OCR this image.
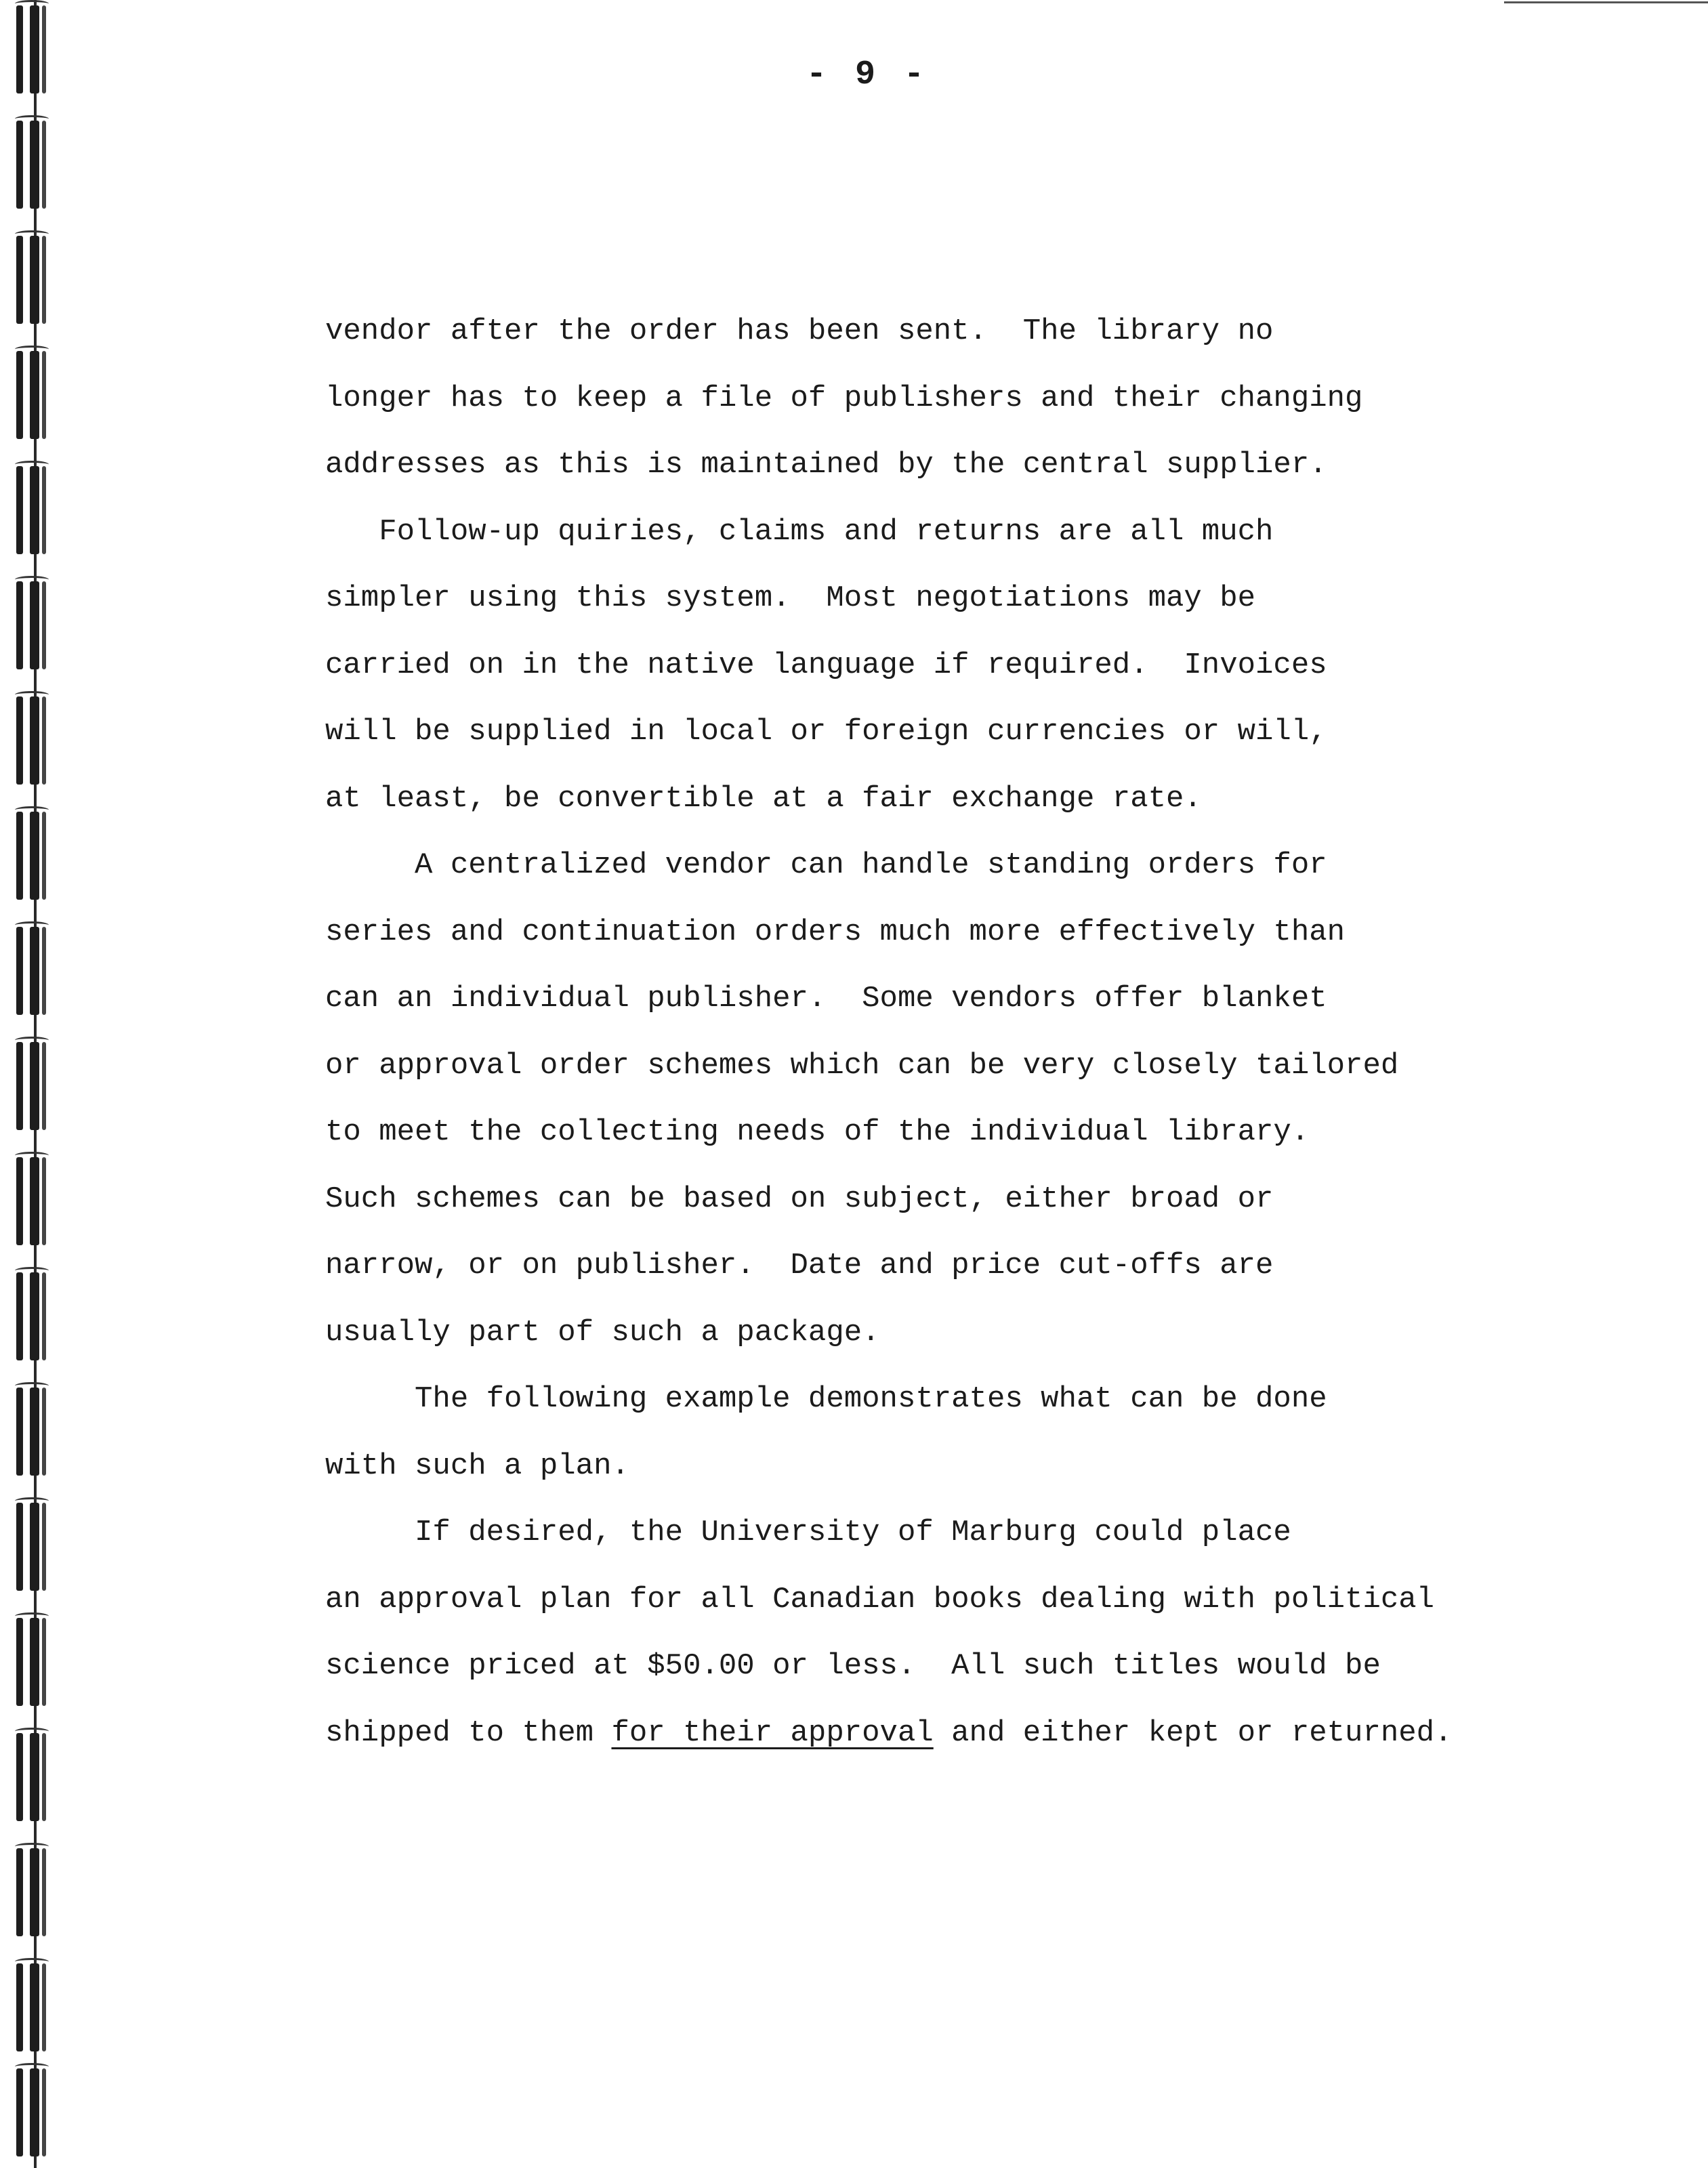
- 9 -
vendor after the order has been sent.  The library no
longer has to keep a file of publishers and their changing
addresses as this is maintained by the central supplier.
Follow-up quiries, claims and returns are all much
simpler using this system.  Most negotiations may be
carried on in the native language if required.  Invoices
will be supplied in local or foreign currencies or will,
at least, be convertible at a fair exchange rate.
A centralized vendor can handle standing orders for
series and continuation orders much more effectively than
can an individual publisher.  Some vendors offer blanket
or approval order schemes which can be very closely tailored
to meet the collecting needs of the individual library.
Such schemes can be based on subject, either broad or
narrow, or on publisher.  Date and price cut-offs are
usually part of such a package.
The following example demonstrates what can be done
with such a plan.
If desired, the University of Marburg could place
an approval plan for all Canadian books dealing with political
science priced at $50.00 or less.  All such titles would be
shipped to them for their approval and either kept or returned.
